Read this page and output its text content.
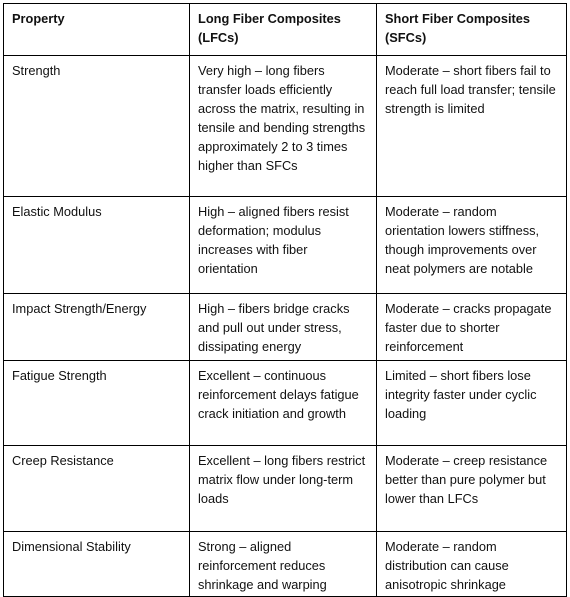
Property	Long Fiber Composites (LFCs)	Short Fiber Composites (SFCs)
Strength	Very high – long fibers transfer loads efficiently across the matrix, resulting in tensile and bending strengths approximately 2 to 3 times higher than SFCs	Moderate – short fibers fail to reach full load transfer; tensile strength is limited
Elastic Modulus	High – aligned fibers resist deformation; modulus increases with fiber orientation	Moderate – random orientation lowers stiffness, though improvements over neat polymers are notable
Impact Strength/Energy	High – fibers bridge cracks and pull out under stress, dissipating energy	Moderate – cracks propagate faster due to shorter reinforcement
Fatigue Strength	Excellent – continuous reinforcement delays fatigue crack initiation and growth	Limited – short fibers lose integrity faster under cyclic loading
Creep Resistance	Excellent – long fibers restrict matrix flow under long-term loads	Moderate – creep resistance better than pure polymer but lower than LFCs
Dimensional Stability	Strong – aligned reinforcement reduces shrinkage and warping	Moderate – random distribution can cause anisotropic shrinkage
